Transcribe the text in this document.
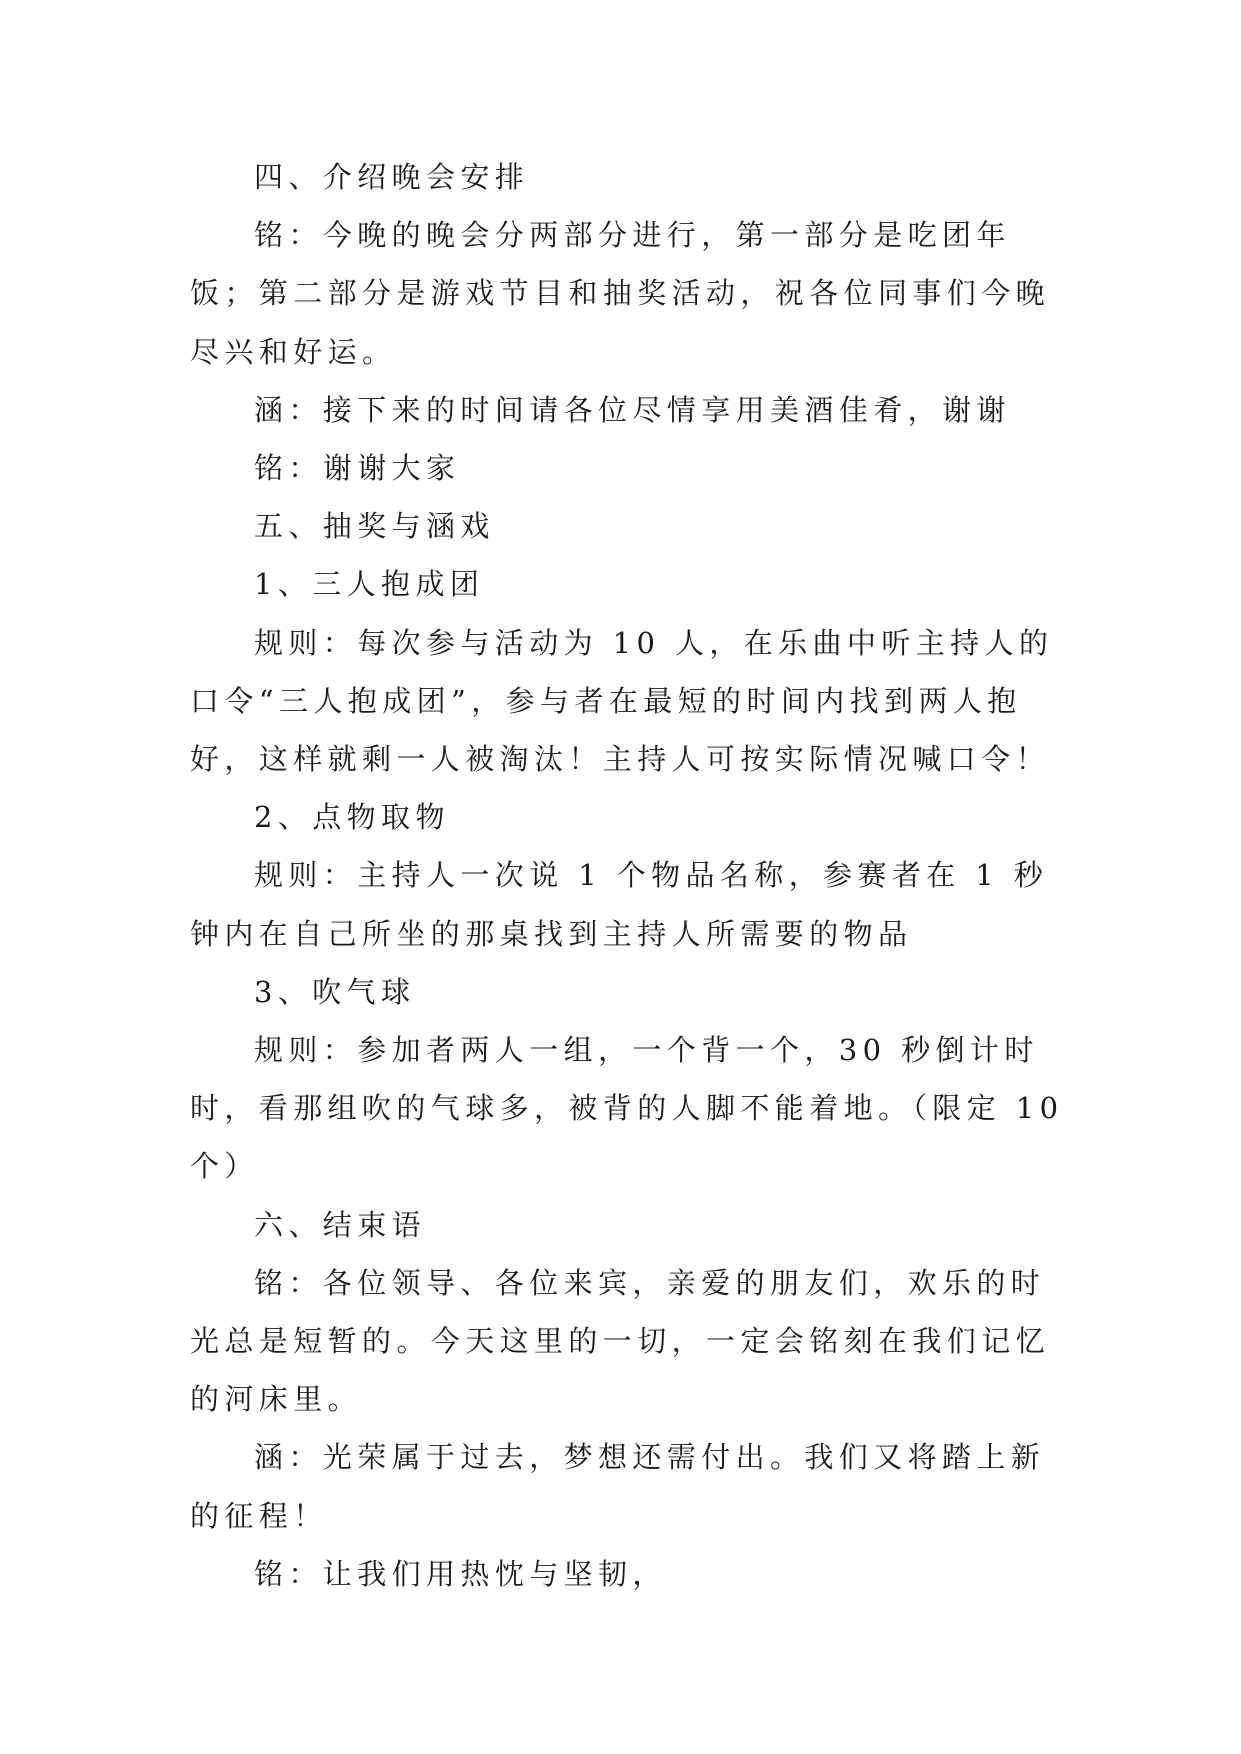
四、介绍晚会安排

铭：今晚的晚会分两部分进行，第一部分是吃团年饭；第二部分是游戏节目和抽奖活动，祝各位同事们今晚尽兴和好运。

涵：接下来的时间请各位尽情享用美酒佳肴，谢谢

铭：谢谢大家

五、抽奖与涵戏

1、三人抱成团

规则：每次参与活动为 10 人，在乐曲中听主持人的口令“三人抱成团”，参与者在最短的时间内找到两人抱好，这样就剩一人被淘汰！主持人可按实际情况喊口令！

2、点物取物

规则：主持人一次说 1 个物品名称，参赛者在 1 秒钟内在自己所坐的那桌找到主持人所需要的物品

3、吹气球

规则：参加者两人一组，一个背一个，30 秒倒计时时，看那组吹的气球多，被背的人脚不能着地。（限定 10 个）

六、结束语

铭：各位领导、各位来宾，亲爱的朋友们，欢乐的时光总是短暂的。今天这里的一切，一定会铭刻在我们记忆的河床里。

涵：光荣属于过去，梦想还需付出。我们又将踏上新的征程！

铭：让我们用热忱与坚韧，
